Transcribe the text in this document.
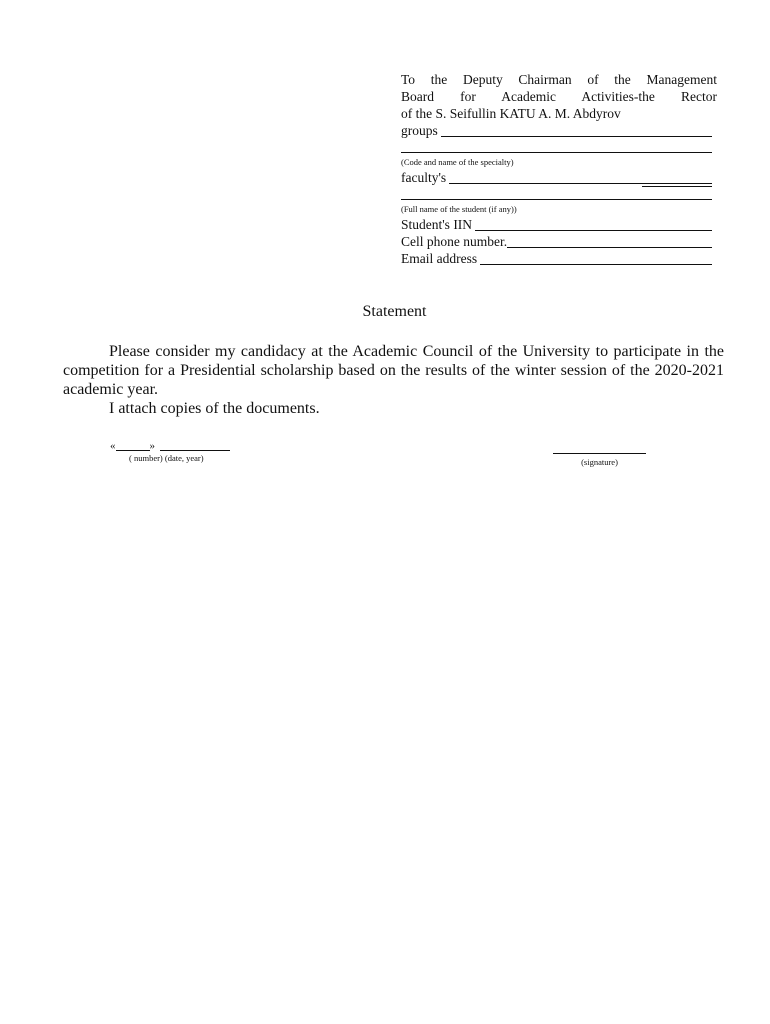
To the Deputy Chairman of the Management
Board for Academic Activities-the Rector
of the S. Seifullin KATU A. M. Abdyrov
groups
(Code and name of the specialty)
faculty's
(Full name of the student (if any))
Student's IIN
Cell phone number.
Email address
Statement

Please consider my candidacy at the Academic Council of the University to participate in the competition for a Presidential scholarship based on the results of the winter session of the 2020-2021 academic year.

I attach copies of the documents.

«	»
( number) (date, year)	(signature)
